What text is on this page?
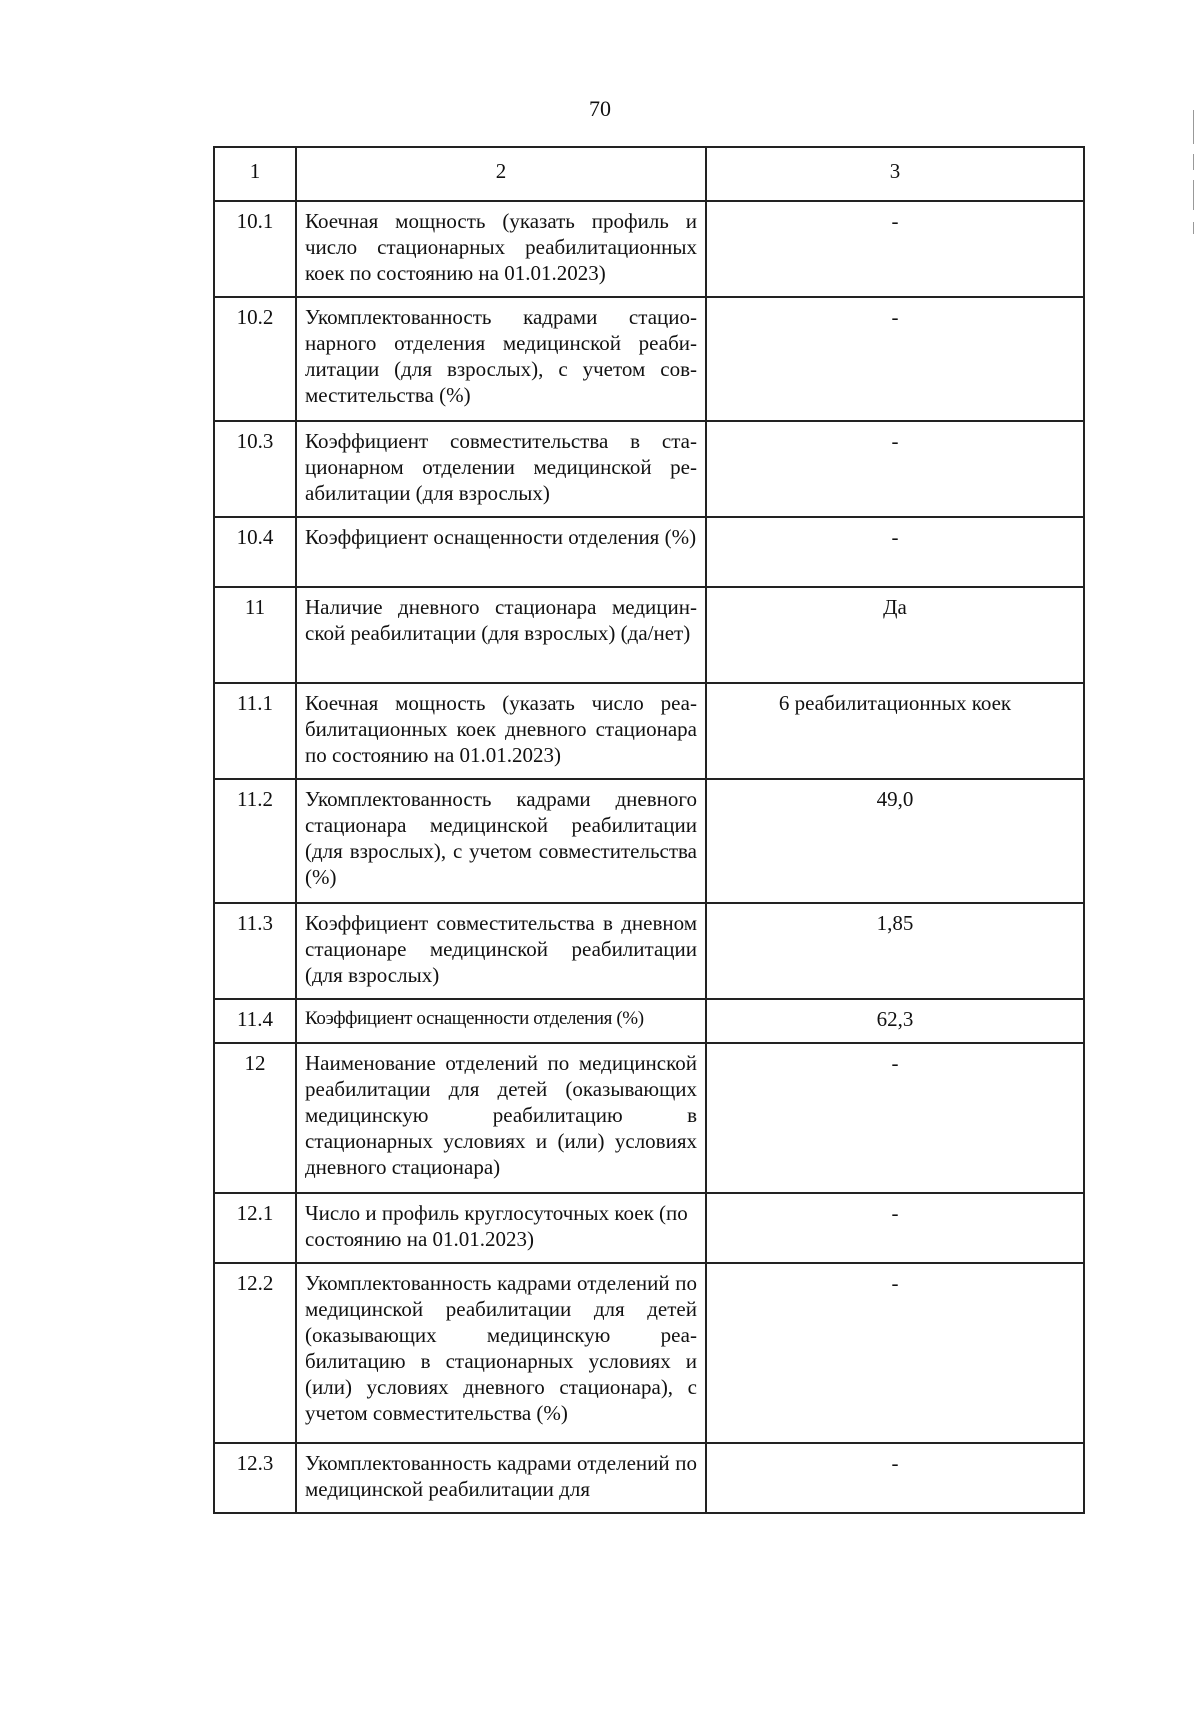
70
1	2	3
10.1	Коечная мощность (указать профиль и число стационарных реабилитационных коек по состоянию на 01.01.2023)	-
10.2	Укомплектованность кадрами стационарного отделения медицинской реабилитации (для взрослых), с учетом совместительства (%)	-
10.3	Коэффициент совместительства в стационарном отделении медицинской реабилитации (для взрослых)	-
10.4	Коэффициент оснащенности отделения (%)	-
11	Наличие дневного стационара медицинской реабилитации (для взрослых) (да/нет)	Да
11.1	Коечная мощность (указать число реабилитационных коек дневного стационара по состоянию на 01.01.2023)	6 реабилитационных коек
11.2	Укомплектованность кадрами дневного стационара медицинской реабилитации (для взрослых), с учетом совместительства (%)	49,0
11.3	Коэффициент совместительства в дневном стационаре медицинской реабилитации (для взрослых)	1,85
11.4	Коэффициент оснащенности отделения (%)	62,3
12	Наименование отделений по медицинской реабилитации для детей (оказывающих медицинскую реабилитацию в стационарных условиях и (или) условиях дневного стационара)	-
12.1	Число и профиль круглосуточных коек (по состоянию на 01.01.2023)	-
12.2	Укомплектованность кадрами отделений по медицинской реабилитации для детей (оказывающих медицинскую реабилитацию в стационарных условиях и (или) условиях дневного стационара), с учетом совместительства (%)	-
12.3	Укомплектованность кадрами отделений по медицинской реабилитации для	-
